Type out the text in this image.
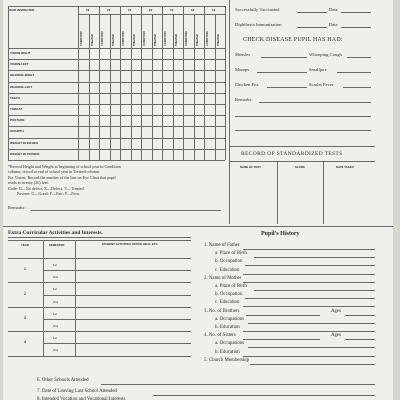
YEAR INSPECTED	19	19	19	19	19	19	19
CONDITION	TREATED	CONDITION	TREATED	CONDITION	TREATED	CONDITION	TREATED	CONDITION	TREATED	CONDITION	TREATED	CONDITION	TREATED
VISION-RIGHT
VISION-LEFT
HEARING-RIGHT
HEARING-LEFT
TEETH
THROAT
POSTURE
GROWTH
WEIGHT IN INCHES
WEIGHT IN POUNDS
*Record Height and Weight at beginning of school year in Condition
column; record at end of school year in Treated column.
For Vision: Record the number of the line on Eye Chart that pupil
reads at twenty (20) feet.
Code: O—No defect; X—Defect; V—Treated.
Posture: G—Good; F—Fair; P—Poor.
Remarks:
Successfully Vaccinated	Date
Diphtheria Immunization	Date
CHECK DISEASE PUPIL HAS HAD:
Measles	Whooping Cough
Mumps	Smallpox
Chicken Pox	Scarlet Fever
Remarks:
RECORD OF STANDARDIZED TESTS
NAME OF TEST	SCORE	DATE TAKEN
Extra Curricular Activities and Interests.
YEAR	SEMESTER	STUDENT ACTIVITIES OFFICE HELD, ETC.
1
1st
2nd
2
1st
2nd
3
1st
2nd
4
1st
2nd
Pupil's History
1. Name of Father
a. Place of Birth
b. Occupation
c. Education
2. Name of Mother
a. Place of Birth
b. Occupation
c. Education
3. No. of Brothers	Ages
a. Occupations
b. Education
4. No. of Sisters	Ages
a. Occupations
b. Education
5. Church Membership
6. Other Schools Attended
7. Date of Leaving Last School Attended
8. Intended Vocation and Vocational Interests
